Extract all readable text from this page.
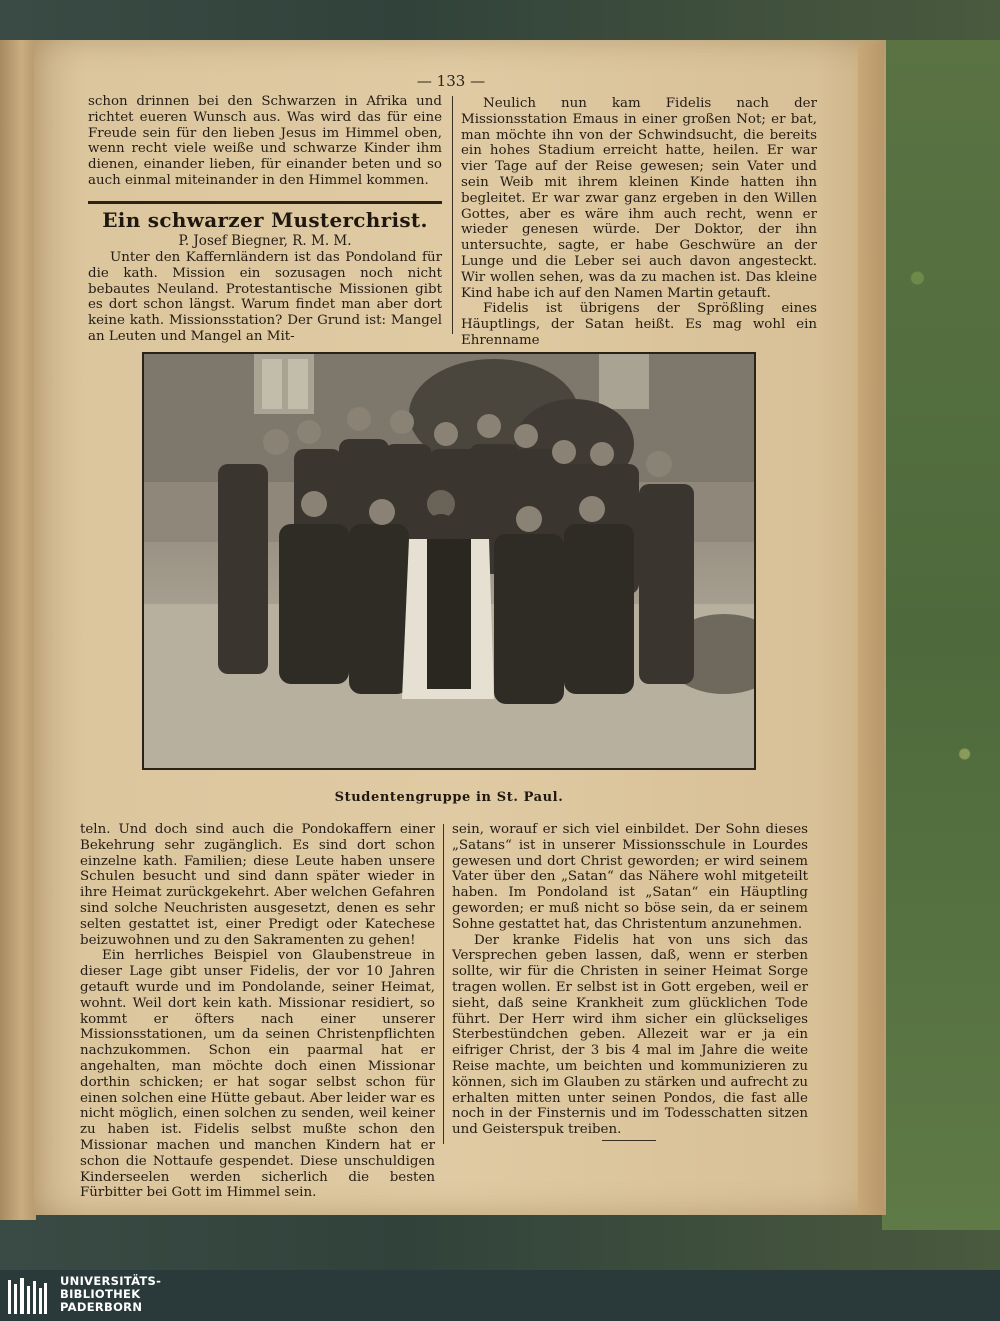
— 133 —

schon drinnen bei den Schwarzen in Afrika und richtet eueren Wunsch aus. Was wird das für eine Freude sein für den lieben Jesus im Himmel oben, wenn recht viele weiße und schwarze Kinder ihm dienen, einander lieben, für einander beten und so auch einmal miteinander in den Himmel kommen.

Ein schwarzer Musterchrist.
P. Josef Biegner, R. M. M.

Unter den Kaffernländern ist das Pondoland für die kath. Mission ein sozusagen noch nicht bebautes Neuland. Protestantische Missionen gibt es dort schon längst. Warum findet man aber dort keine kath. Missionsstation? Der Grund ist: Mangel an Leuten und Mangel an Mit-

Neulich nun kam Fidelis nach der Missionsstation Emaus in einer großen Not; er bat, man möchte ihn von der Schwindsucht, die bereits ein hohes Stadium erreicht hatte, heilen. Er war vier Tage auf der Reise gewesen; sein Vater und sein Weib mit ihrem kleinen Kinde hatten ihn begleitet. Er war zwar ganz ergeben in den Willen Gottes, aber es wäre ihm auch recht, wenn er wieder genesen würde. Der Doktor, der ihn untersuchte, sagte, er habe Geschwüre an der Lunge und die Leber sei auch davon angesteckt. Wir wollen sehen, was da zu machen ist. Das kleine Kind habe ich auf den Namen Martin getauft.

Fidelis ist übrigens der Sprößling eines Häuptlings, der Satan heißt. Es mag wohl ein Ehrenname

Studentengruppe in St. Paul.

teln. Und doch sind auch die Pondokaffern einer Bekehrung sehr zugänglich. Es sind dort schon einzelne kath. Familien; diese Leute haben unsere Schulen besucht und sind dann später wieder in ihre Heimat zurückgekehrt. Aber welchen Gefahren sind solche Neuchristen ausgesetzt, denen es sehr selten gestattet ist, einer Predigt oder Katechese beizuwohnen und zu den Sakramenten zu gehen!

Ein herrliches Beispiel von Glaubenstreue in dieser Lage gibt unser Fidelis, der vor 10 Jahren getauft wurde und im Pondolande, seiner Heimat, wohnt. Weil dort kein kath. Missionar residiert, so kommt er öfters nach einer unserer Missionsstationen, um da seinen Christenpflichten nachzukommen. Schon ein paarmal hat er angehalten, man möchte doch einen Missionar dorthin schicken; er hat sogar selbst schon für einen solchen eine Hütte gebaut. Aber leider war es nicht möglich, einen solchen zu senden, weil keiner zu haben ist. Fidelis selbst mußte schon den Missionar machen und manchen Kindern hat er schon die Nottaufe gespendet. Diese unschuldigen Kinderseelen werden sicherlich die besten Fürbitter bei Gott im Himmel sein.

sein, worauf er sich viel einbildet. Der Sohn dieses „Satans“ ist in unserer Missionsschule in Lourdes gewesen und dort Christ geworden; er wird seinem Vater über den „Satan“ das Nähere wohl mitgeteilt haben. Im Pondoland ist „Satan“ ein Häuptling geworden; er muß nicht so böse sein, da er seinem Sohne gestattet hat, das Christentum anzunehmen.

Der kranke Fidelis hat von uns sich das Versprechen geben lassen, daß, wenn er sterben sollte, wir für die Christen in seiner Heimat Sorge tragen wollen. Er selbst ist in Gott ergeben, weil er sieht, daß seine Krankheit zum glücklichen Tode führt. Der Herr wird ihm sicher ein glückseliges Sterbestündchen geben. Allezeit war er ja ein eifriger Christ, der 3 bis 4 mal im Jahre die weite Reise machte, um beichten und kommunizieren zu können, sich im Glauben zu stärken und aufrecht zu erhalten mitten unter seinen Pondos, die fast alle noch in der Finsternis und im Todesschatten sitzen und Geisterspuk treiben.

UNIVERSITÄTS-
BIBLIOTHEK
PADERBORN
